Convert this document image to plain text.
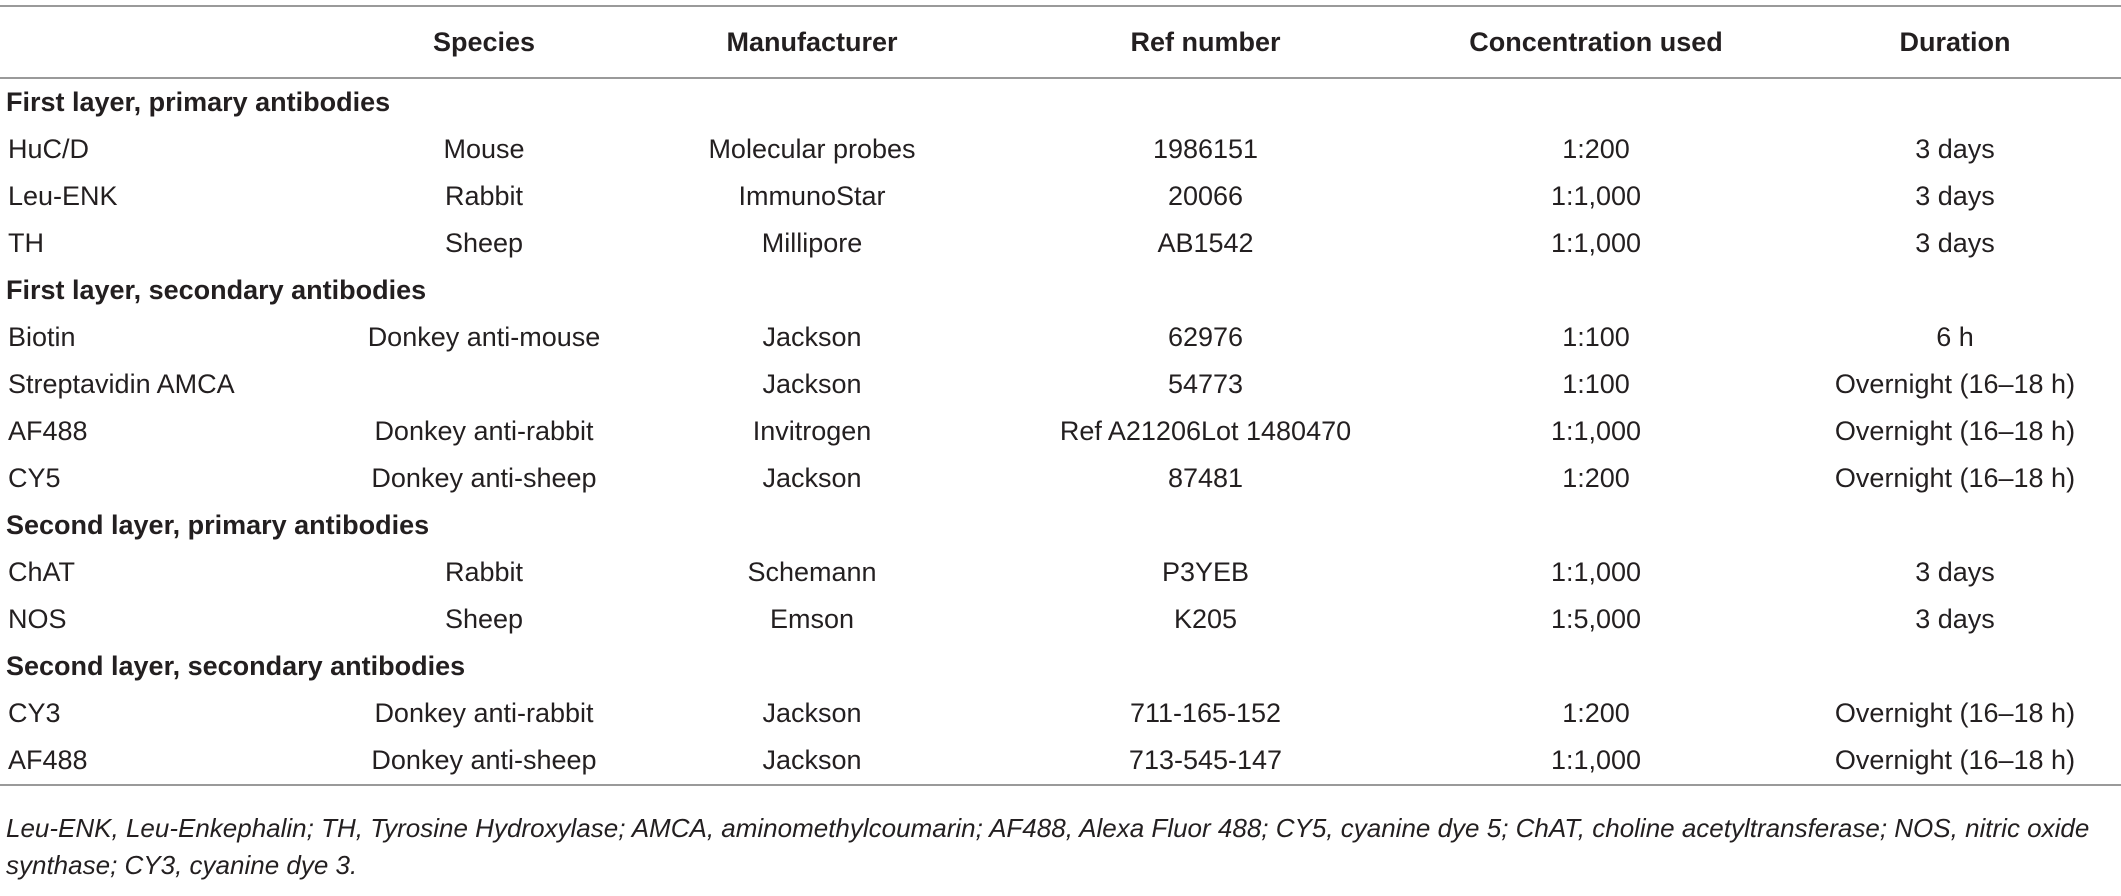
	Species	Manufacturer	Ref number	Concentration used	Duration
First layer, primary antibodies					
HuC/D	Mouse	Molecular probes	1986151	1:200	3 days
Leu-ENK	Rabbit	ImmunoStar	20066	1:1,000	3 days
TH	Sheep	Millipore	AB1542	1:1,000	3 days
First layer, secondary antibodies					
Biotin	Donkey anti-mouse	Jackson	62976	1:100	6 h
Streptavidin AMCA		Jackson	54773	1:100	Overnight (16–18 h)
AF488	Donkey anti-rabbit	Invitrogen	Ref A21206Lot 1480470	1:1,000	Overnight (16–18 h)
CY5	Donkey anti-sheep	Jackson	87481	1:200	Overnight (16–18 h)
Second layer, primary antibodies					
ChAT	Rabbit	Schemann	P3YEB	1:1,000	3 days
NOS	Sheep	Emson	K205	1:5,000	3 days
Second layer, secondary antibodies					
CY3	Donkey anti-rabbit	Jackson	711-165-152	1:200	Overnight (16–18 h)
AF488	Donkey anti-sheep	Jackson	713-545-147	1:1,000	Overnight (16–18 h)
Leu-ENK, Leu-Enkephalin; TH, Tyrosine Hydroxylase; AMCA, aminomethylcoumarin; AF488, Alexa Fluor 488; CY5, cyanine dye 5; ChAT, choline acetyltransferase; NOS, nitric oxide synthase; CY3, cyanine dye 3.
